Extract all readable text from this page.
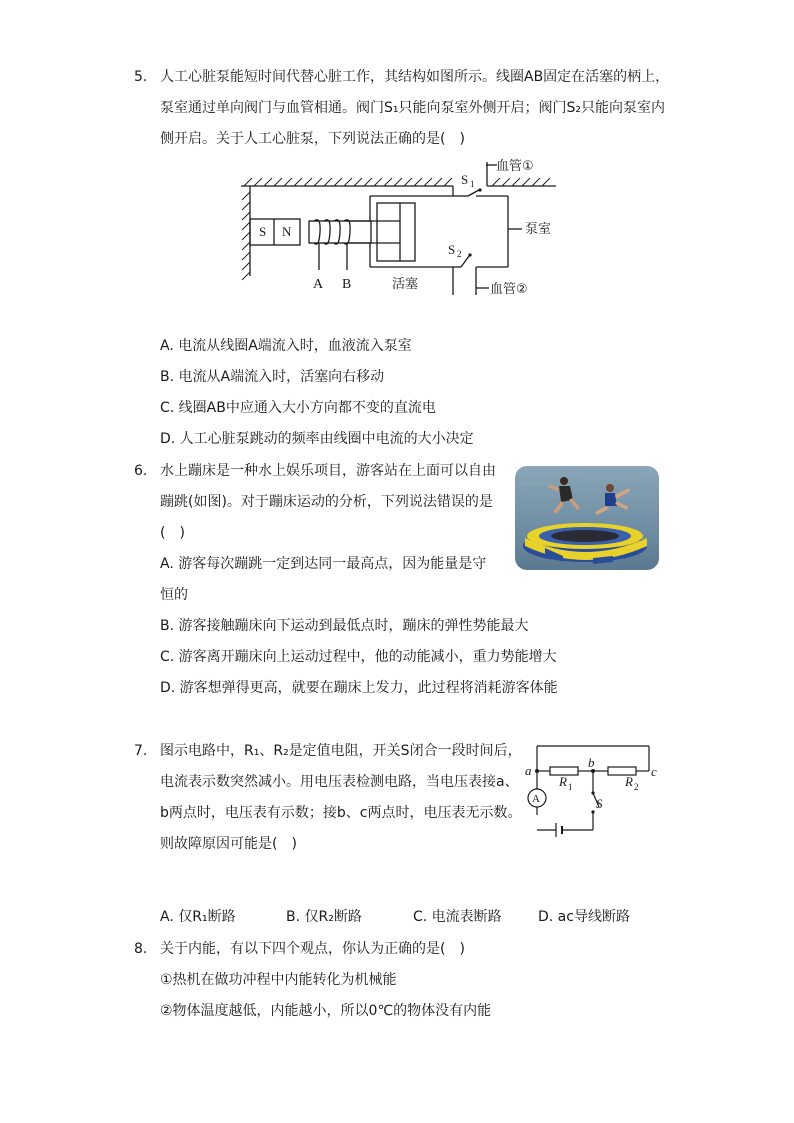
5. 人工心脏泵能短时间代替心脏工作，其结构如图所示。线圈AB固定在活塞的柄上，
泵室通过单向阀门与血管相通。阀门S₁只能向泵室外侧开启；阀门S₂只能向泵室内
侧开启。关于人工心脏泵，下列说法正确的是(　)
S N
A B	活塞
泵室
S 1
S 2
血管①
血管②
A. 电流从线圈A端流入时，血液流入泵室
B. 电流从A端流入时，活塞向右移动
C. 线圈AB中应通入大小方向都不变的直流电
D. 人工心脏泵跳动的频率由线圈中电流的大小决定
6. 水上蹦床是一种水上娱乐项目，游客站在上面可以自由
蹦跳(如图)。对于蹦床运动的分析，下列说法错误的是
(　)
A. 游客每次蹦跳一定到达同一最高点，因为能量是守
恒的
B. 游客接触蹦床向下运动到最低点时，蹦床的弹性势能最大
C. 游客离开蹦床向上运动过程中，他的动能减小，重力势能增大
D. 游客想弹得更高，就要在蹦床上发力，此过程将消耗游客体能
7. 图示电路中，R₁、R₂是定值电阻，开关S闭合一段时间后，
电流表示数突然减小。用电压表检测电路，当电压表接a、
b两点时，电压表有示数；接b、c两点时，电压表无示数。
则故障原因可能是(　)
A
a
b
c
R 1	R 2
S
A. 仅R₁断路	B. 仅R₂断路	C. 电流表断路	D. ac导线断路
8. 关于内能，有以下四个观点，你认为正确的是(　)
①热机在做功冲程中内能转化为机械能
②物体温度越低，内能越小，所以0℃的物体没有内能
